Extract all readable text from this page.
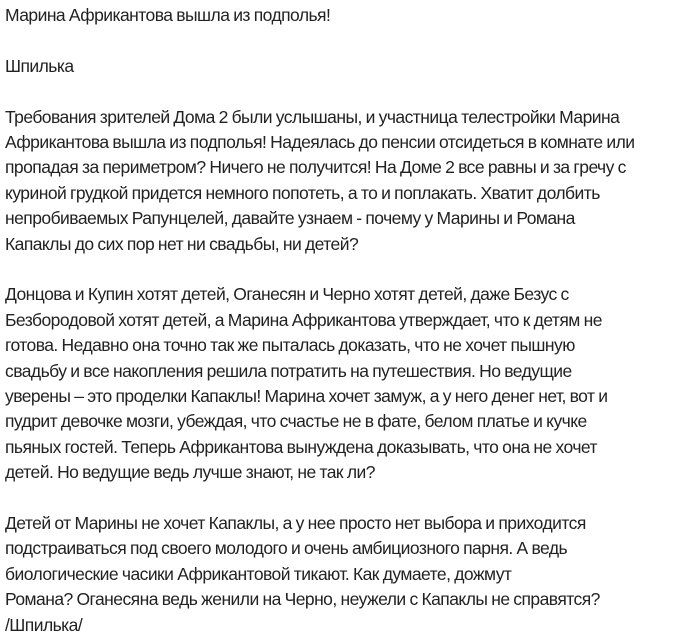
Марина Африкантова вышла из подполья!
Шпилька
Требования зрителей Дома 2 были услышаны, и участница телестройки Марина
Африкантова вышла из подполья! Надеялась до пенсии отсидеться в комнате или
пропадая за периметром? Ничего не получится! На Доме 2 все равны и за гречу с
куриной грудкой придется немного попотеть, а то и поплакать. Хватит долбить
непробиваемых Рапунцелей, давайте узнаем - почему у Марины и Романа
Капаклы до сих пор нет ни свадьбы, ни детей?
Донцова и Купин хотят детей, Оганесян и Черно хотят детей, даже Безус с
Безбородовой хотят детей, а Марина Африкантова утверждает, что к детям не
готова. Недавно она точно так же пыталась доказать, что не хочет пышную
свадьбу и все накопления решила потратить на путешествия. Но ведущие
уверены – это проделки Капаклы! Марина хочет замуж, а у него денег нет, вот и
пудрит девочке мозги, убеждая, что счастье не в фате, белом платье и кучке
пьяных гостей. Теперь Африкантова вынуждена доказывать, что она не хочет
детей. Но ведущие ведь лучше знают, не так ли?
Детей от Марины не хочет Капаклы, а у нее просто нет выбора и приходится
подстраиваться под своего молодого и очень амбициозного парня. А ведь
биологические часики Африкантовой тикают. Как думаете, дожмут
Романа? Оганесяна ведь женили на Черно, неужели с Капаклы не справятся?
/Шпилька/
